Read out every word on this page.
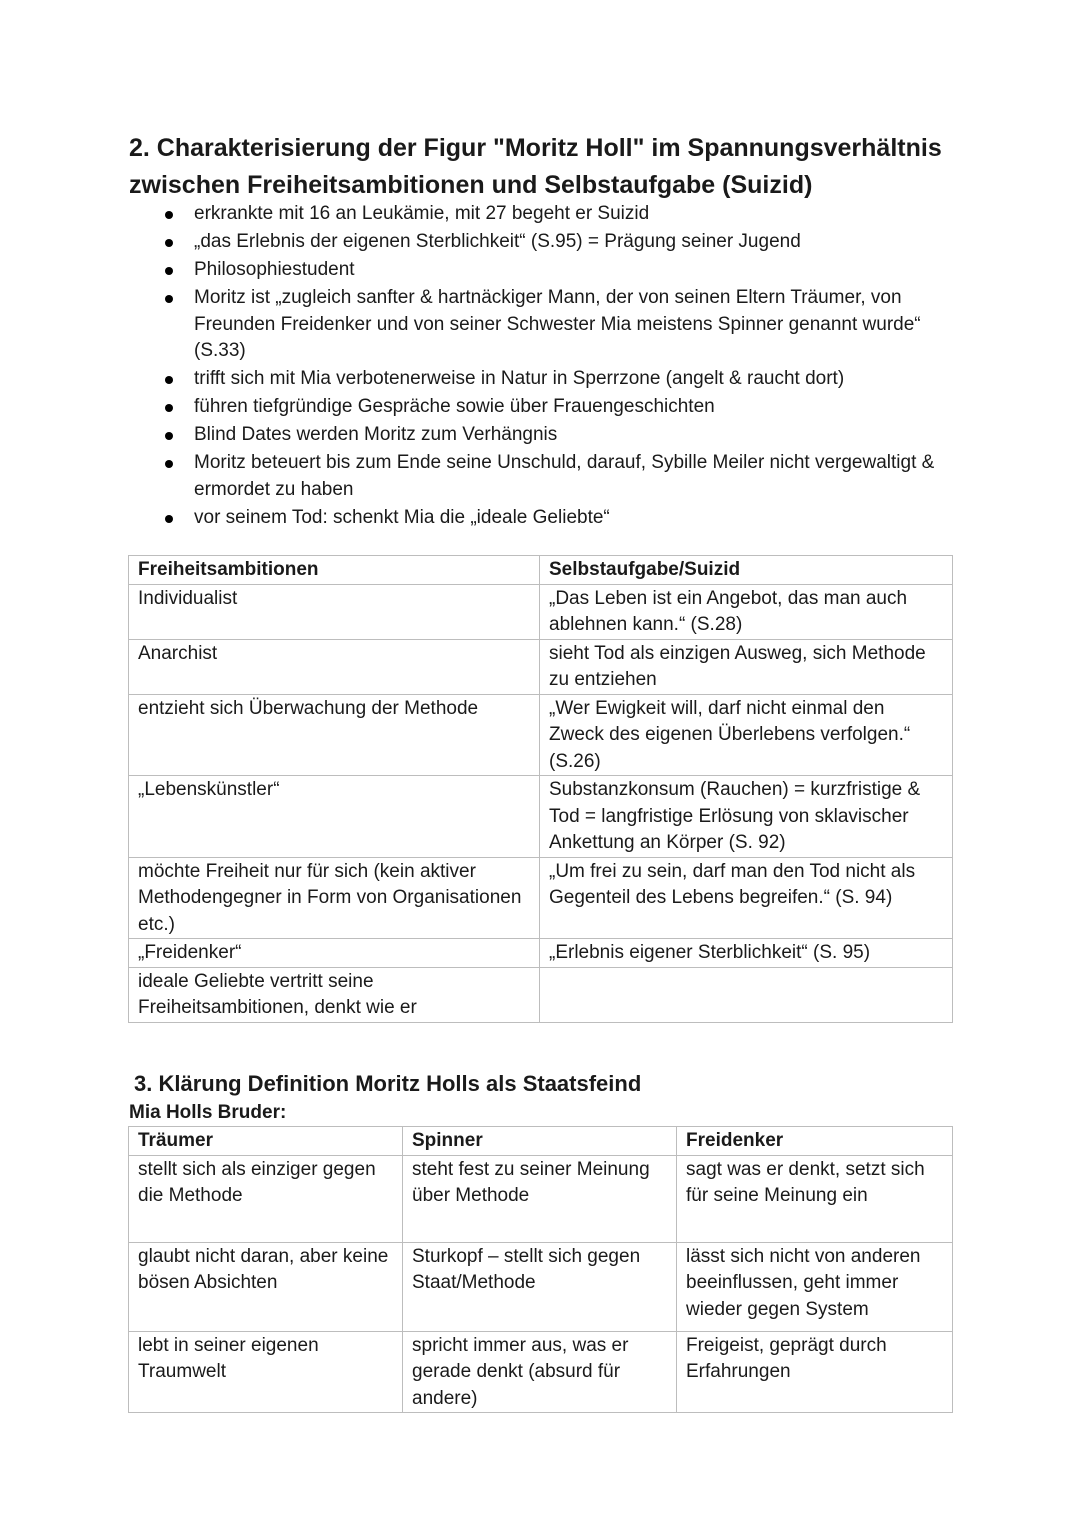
2. Charakterisierung der Figur "Moritz Holl" im Spannungsverhältnis zwischen Freiheitsambitionen und Selbstaufgabe (Suizid)
erkrankte mit 16 an Leukämie, mit 27 begeht er Suizid
„das Erlebnis der eigenen Sterblichkeit“ (S.95) = Prägung seiner Jugend
Philosophiestudent
Moritz ist „zugleich sanfter & hartnäckiger Mann, der von seinen Eltern Träumer, von Freunden Freidenker und von seiner Schwester Mia meistens Spinner genannt wurde“ (S.33)
trifft sich mit Mia verbotenerweise in Natur in Sperrzone (angelt & raucht dort)
führen tiefgründige Gespräche sowie über Frauengeschichten
Blind Dates werden Moritz zum Verhängnis
Moritz beteuert bis zum Ende seine Unschuld, darauf, Sybille Meiler nicht vergewaltigt & ermordet zu haben
vor seinem Tod: schenkt Mia die „ideale Geliebte“
Freiheitsambitionen	Selbstaufgabe/Suizid
Individualist	„Das Leben ist ein Angebot, das man auch ablehnen kann.“ (S.28)
Anarchist	sieht Tod als einzigen Ausweg, sich Methode zu entziehen
entzieht sich Überwachung der Methode	„Wer Ewigkeit will, darf nicht einmal den Zweck des eigenen Überlebens verfolgen.“ (S.26)
„Lebenskünstler“	Substanzkonsum (Rauchen) = kurzfristige & Tod = langfristige Erlösung von sklavischer Ankettung an Körper (S. 92)
möchte Freiheit nur für sich (kein aktiver Methodengegner in Form von Organisationen etc.)	„Um frei zu sein, darf man den Tod nicht als Gegenteil des Lebens begreifen.“ (S. 94)
„Freidenker“	„Erlebnis eigener Sterblichkeit“ (S. 95)
ideale Geliebte vertritt seine Freiheitsambitionen, denkt wie er	
3. Klärung Definition Moritz Holls als Staatsfeind

Mia Holls Bruder:

Träumer	Spinner	Freidenker
stellt sich als einziger gegen die Methode	steht fest zu seiner Meinung über Methode	sagt was er denkt, setzt sich für seine Meinung ein
glaubt nicht daran, aber keine bösen Absichten	Sturkopf – stellt sich gegen Staat/Methode	lässt sich nicht von anderen beeinflussen, geht immer wieder gegen System
lebt in seiner eigenen Traumwelt	spricht immer aus, was er gerade denkt (absurd für andere)	Freigeist, geprägt durch Erfahrungen
